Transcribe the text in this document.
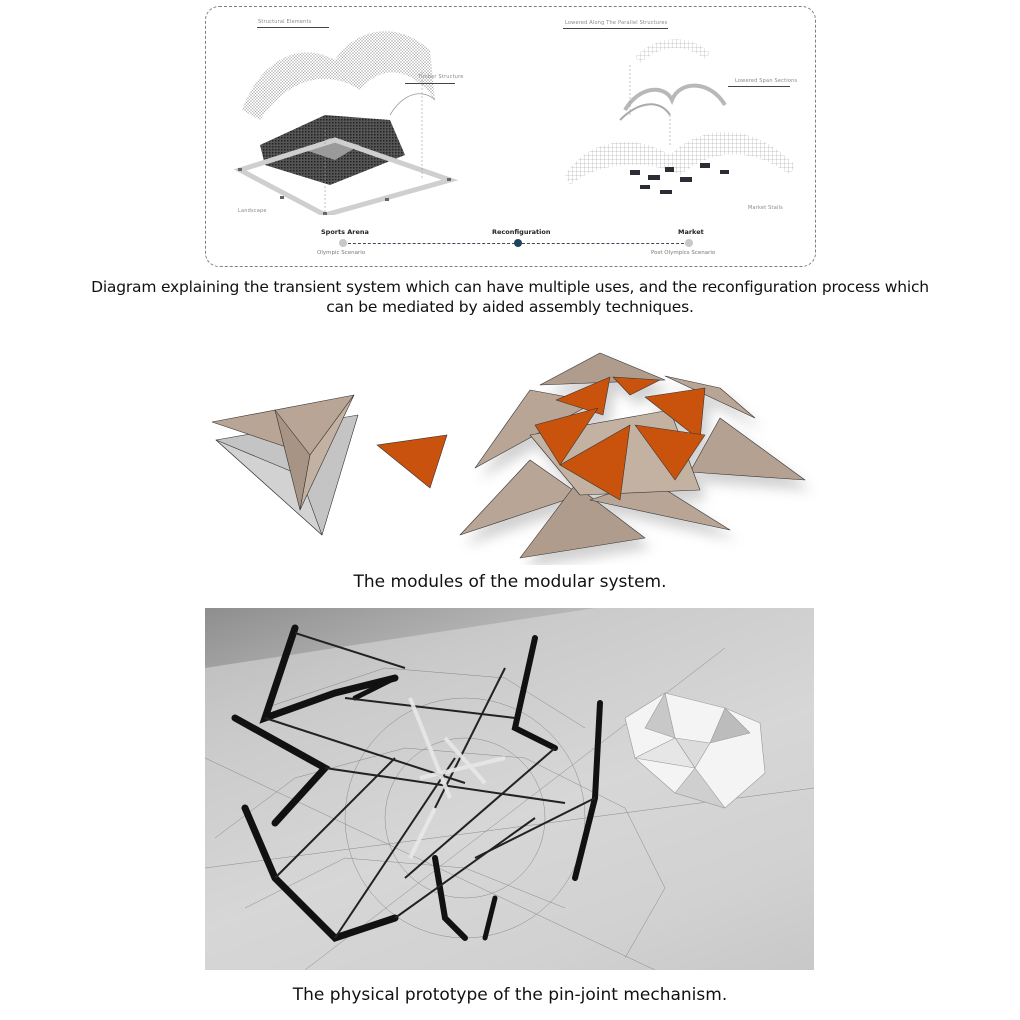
Structural Elements
Timber Structure
Landscape
Lowered Along The Parallel Structures
Lowered Span Sections
Market Stalls
Sports Arena	Reconfiguration	Market
Olympic Scenario	Post Olympics Scenario
Diagram explaining the transient system which can have multiple uses, and the reconfiguration process which
can be mediated by aided assembly techniques.
The modules of the modular system.
The physical prototype of the pin-joint mechanism.
